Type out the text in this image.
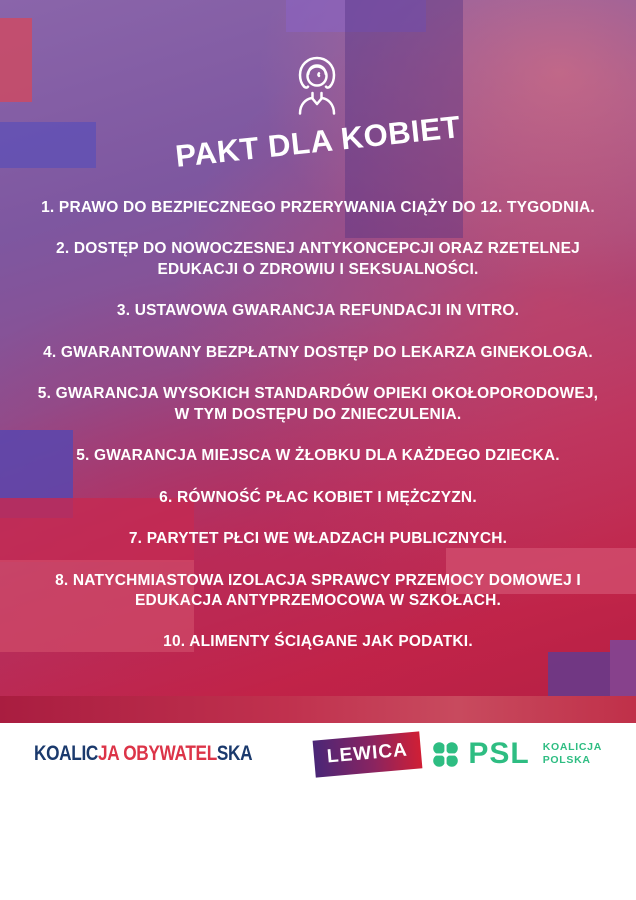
PAKT DLA KOBIET

1. PRAWO DO BEZPIECZNEGO PRZERYWANIA CIĄŻY DO 12. TYGODNIA.

2. DOSTĘP DO NOWOCZESNEJ ANTYKONCEPCJI ORAZ RZETELNEJ EDUKACJI O ZDROWIU I SEKSUALNOŚCI.

3. USTAWOWA GWARANCJA REFUNDACJI IN VITRO.

4. GWARANTOWANY BEZPŁATNY DOSTĘP DO LEKARZA GINEKOLOGA.

5. GWARANCJA WYSOKICH STANDARDÓW OPIEKI OKOŁOPORODOWEJ, W TYM DOSTĘPU DO ZNIECZULENIA.

5. GWARANCJA MIEJSCA W ŻŁOBKU DLA KAŻDEGO DZIECKA.

6. RÓWNOŚĆ PŁAC KOBIET I MĘŻCZYZN.

7. PARYTET PŁCI WE WŁADZACH PUBLICZNYCH.

8. NATYCHMIASTOWA IZOLACJA SPRAWCY PRZEMOCY DOMOWEJ I EDUKACJA ANTYPRZEMOCOWA W SZKOŁACH.

10. ALIMENTY ŚCIĄGANE JAK PODATKI.

KOALICJA OBYWATELSKA	LEWICA	PSL KOALICJA
POLSKA
